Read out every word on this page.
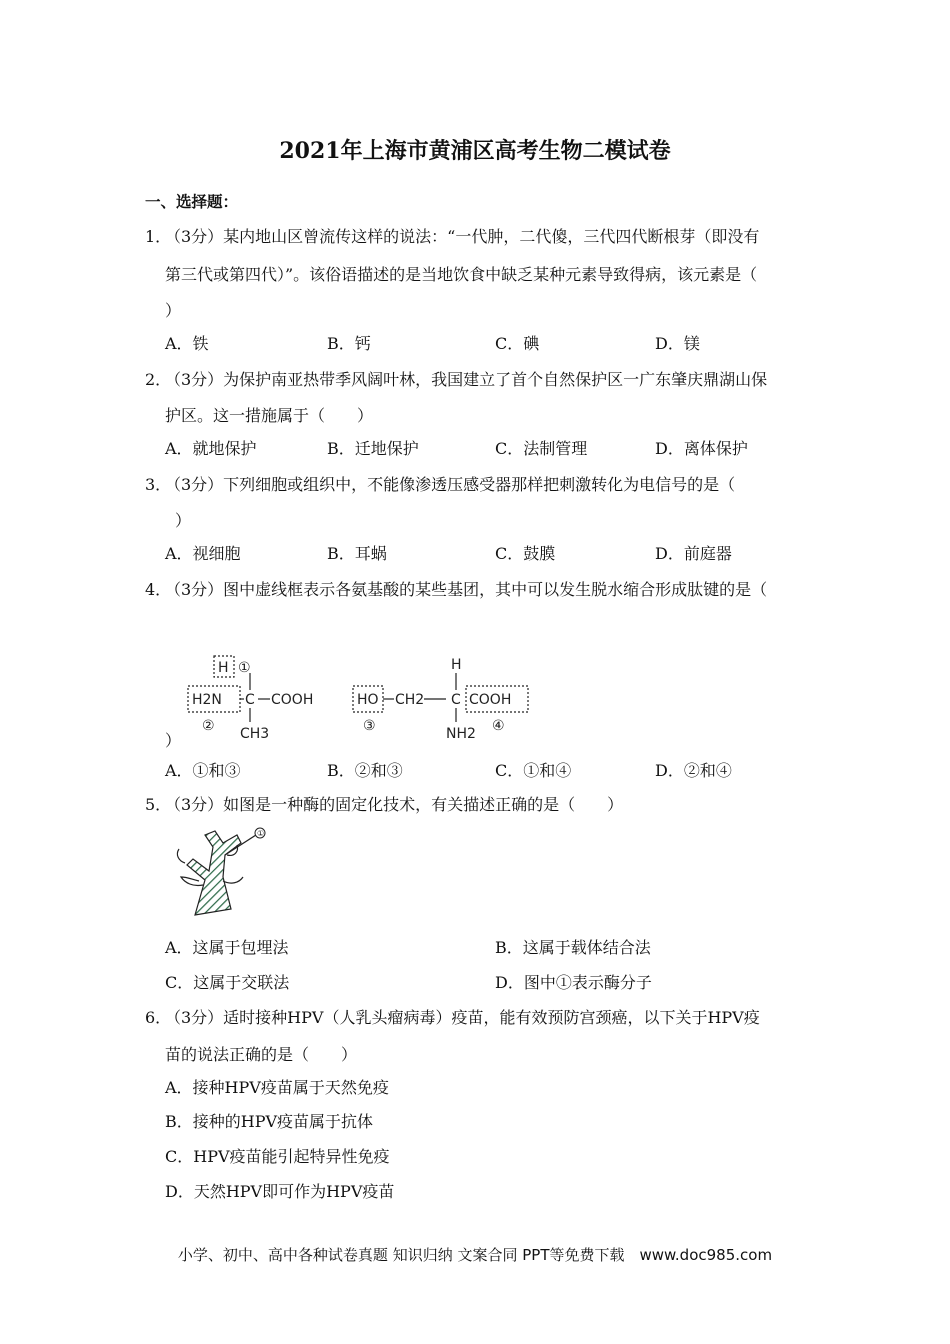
2021年上海市黄浦区高考生物二模试卷
一、选择题：
1．
（3分）某内地山区曾流传这样的说法：“一代肿，二代傻，三代四代断根芽（即没有
第三代或第四代）”。该俗语描述的是当地饮食中缺乏某种元素导致得病，该元素是（
）
A．铁	B．钙	C．碘	D．镁
2．
（3分）为保护南亚热带季风阔叶林，我国建立了首个自然保护区一广东肇庆鼎湖山保
护区。这一措施属于（　　）
A．就地保护	B．迁地保护	C．法制管理	D．离体保护
3．
（3分）下列细胞或组织中，不能像渗透压感受器那样把刺激转化为电信号的是（
）
A．视细胞	B．耳蜗	C．鼓膜	D．前庭器
4．
（3分）图中虚线框表示各氨基酸的某些基团，其中可以发生脱水缩合形成肽键的是（
H
H2N C COOH
CH3
HO CH2 C
H
COOH
NH2
①
②	③	④
）
A．①和③	B．②和③	C．①和④	D．②和④
5．
（3分）如图是一种酶的固定化技术，有关描述正确的是（　　）
①
A．这属于包埋法	B．这属于载体结合法
C．这属于交联法	D．图中①表示酶分子
6．
（3分）适时接种HPV（人乳头瘤病毒）疫苗，能有效预防宫颈癌，以下关于HPV疫
苗的说法正确的是（　　）
A．接种HPV疫苗属于天然免疫
B．接种的HPV疫苗属于抗体
C．HPV疫苗能引起特异性免疫
D．天然HPV即可作为HPV疫苗
小学、初中、高中各种试卷真题 知识归纳 文案合同 PPT等免费下载　www.doc985.com
